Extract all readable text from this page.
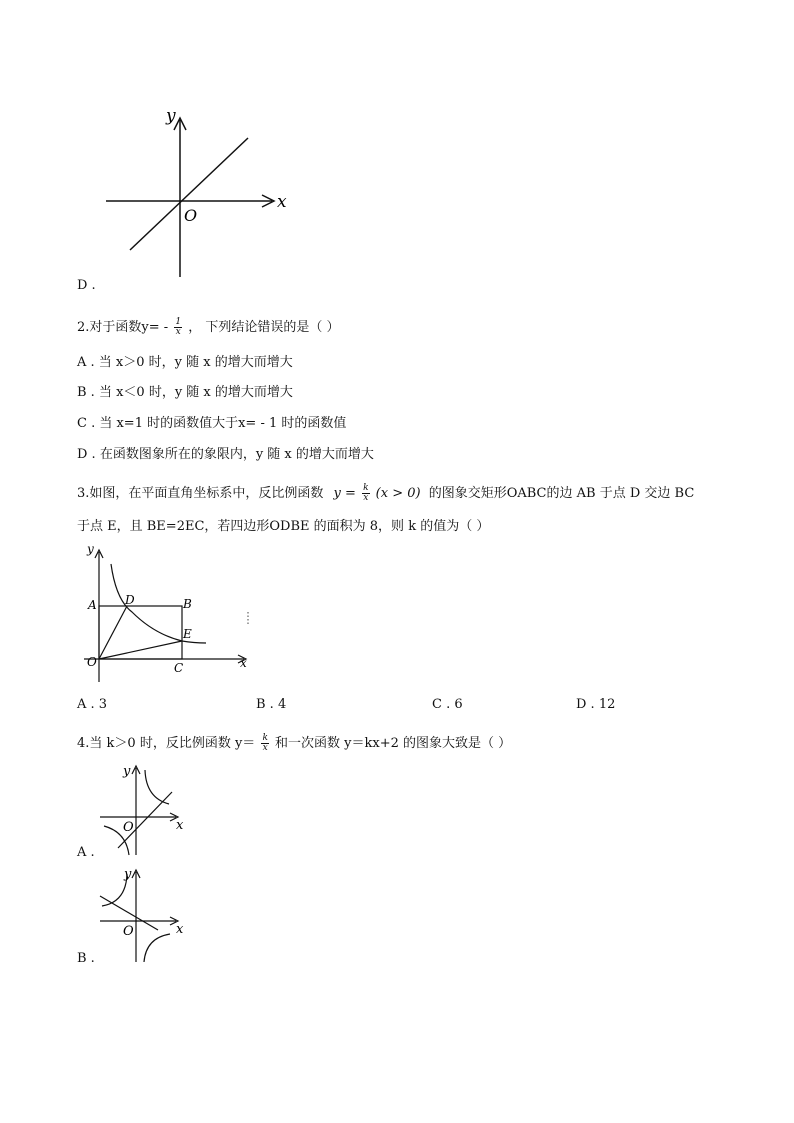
y
x
O
D .
2.对于函数$y= - \frac{1}{x}$ ， 下列结论错误的是（ ）
A . 当 x＞0 时，y 随 x 的增大而增大
B . 当 x＜0 时，y 随 x 的增大而增大
C . 当 x=1 时的函数值大于x= - 1 时的函数值
D . 在函数图象所在的象限内，y 随 x 的增大而增大
3.如图，在平面直角坐标系中，反比例函数 $y = \frac{k}{x} (x > 0)$ 的图象交矩形OABC的边 AB 于点 D 交边 BC
于点 E，且 BE=2EC，若四边形ODBE 的面积为 8，则 k 的值为（ ）
y
x
O
A	B
C
D
E
A . 3	B . 4	C . 6	D . 12
4.当 k＞0 时，反比例函数 $y= \frac{k}{x}$ 和一次函数 y＝kx+2 的图象大致是（ ）
y
x
O
A .
y
x
O
B .
